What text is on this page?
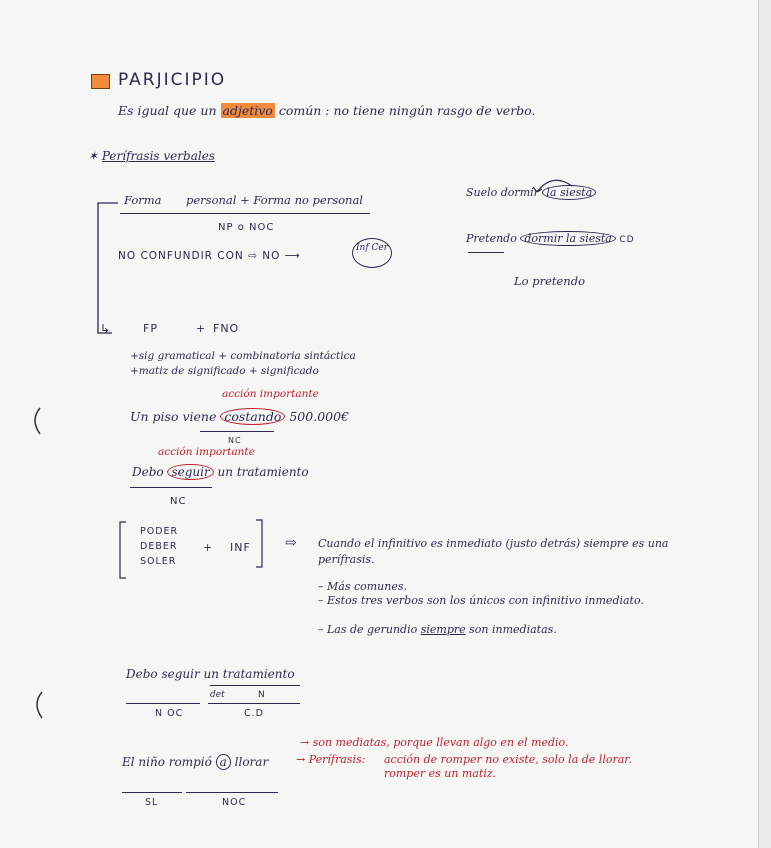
PARJICIPIO
Es igual que un adjetivo común : no tiene ningún rasgo de verbo.
✶ Perífrasis verbales
Forma personal + Forma no personal
NP o NOC
NO CONFUNDIR CON ⇨ NO ⟶
Inf Cer
Suelo dormir la siesta
Pretendo dormir la siesta CD
Lo pretendo
↳	FP	+ FNO
+sig gramatical + combinatoria sintáctica
+matiz de significado + significado
acción importante
Un piso viene costando 500.000€
NC
acción importante
Debo seguir un tratamiento
NC
PODER
DEBER
SOLER
+ INF ⇨ Cuando el infinitivo es inmediato (justo detrás) siempre es una
perífrasis.
– Más comunes.
– Estos tres verbos son los únicos con infinitivo inmediato.
– Las de gerundio siempre son inmediatas.
Debo seguir un tratamiento
det	N
N OC	C.D
El niño rompió a llorar
SL	NOC
→ son mediatas, porque llevan algo en el medio.
→ Perífrasis: acción de romper no existe, solo la de llorar.
romper es un matiz.
